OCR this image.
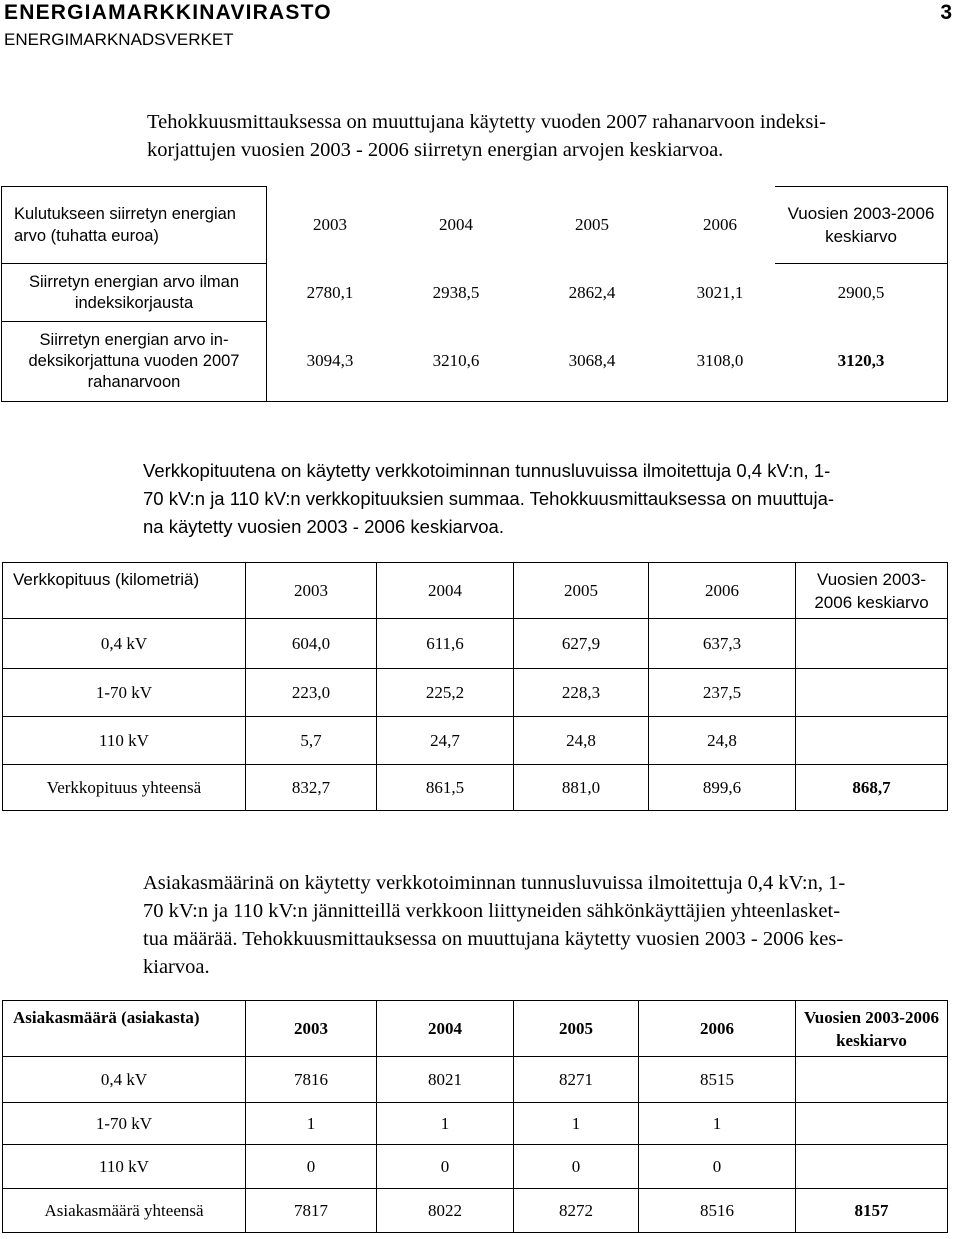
ENERGIAMARKKINAVIRASTO	3
ENERGIMARKNADSVERKET

Tehokkuusmittauksessa on muuttujana käytetty vuoden 2007 rahanarvoon indeksi-

korjattujen vuosien 2003 - 2006 siirretyn energian arvojen keskiarvoa.

Kulutukseen siirretyn energian arvo (tuhatta euroa)	2003	2004	2005	2006	Vuosien 2003-2006 keskiarvo
Siirretyn energian arvo ilman indeksikorjausta	2780,1	2938,5	2862,4	3021,1	2900,5
Siirretyn energian arvo in-deksikorjattuna vuoden 2007 rahanarvoon	3094,3	3210,6	3068,4	3108,0	3120,3

Verkkopituutena on käytetty verkkotoiminnan tunnusluvuissa ilmoitettuja 0,4 kV:n, 1-

70 kV:n ja 110 kV:n verkkopituuksien summaa. Tehokkuusmittauksessa on muuttuja-

na käytetty vuosien 2003 - 2006 keskiarvoa.

Verkkopituus (kilometriä)	2003	2004	2005	2006	Vuosien 2003-2006 keskiarvo
0,4 kV	604,0	611,6	627,9	637,3	
1-70 kV	223,0	225,2	228,3	237,5	
110 kV	5,7	24,7	24,8	24,8	
Verkkopituus yhteensä	832,7	861,5	881,0	899,6	868,7

Asiakasmäärinä on käytetty verkkotoiminnan tunnusluvuissa ilmoitettuja 0,4 kV:n, 1-

70 kV:n ja 110 kV:n jännitteillä verkkoon liittyneiden sähkönkäyttäjien yhteenlasket-

tua määrää. Tehokkuusmittauksessa on muuttujana käytetty vuosien 2003 - 2006 kes-

kiarvoa.

Asiakasmäärä (asiakasta)	2003	2004	2005	2006	Vuosien 2003-2006 keskiarvo
0,4 kV	7816	8021	8271	8515	
1-70 kV	1	1	1	1	
110 kV	0	0	0	0	
Asiakasmäärä yhteensä	7817	8022	8272	8516	8157
